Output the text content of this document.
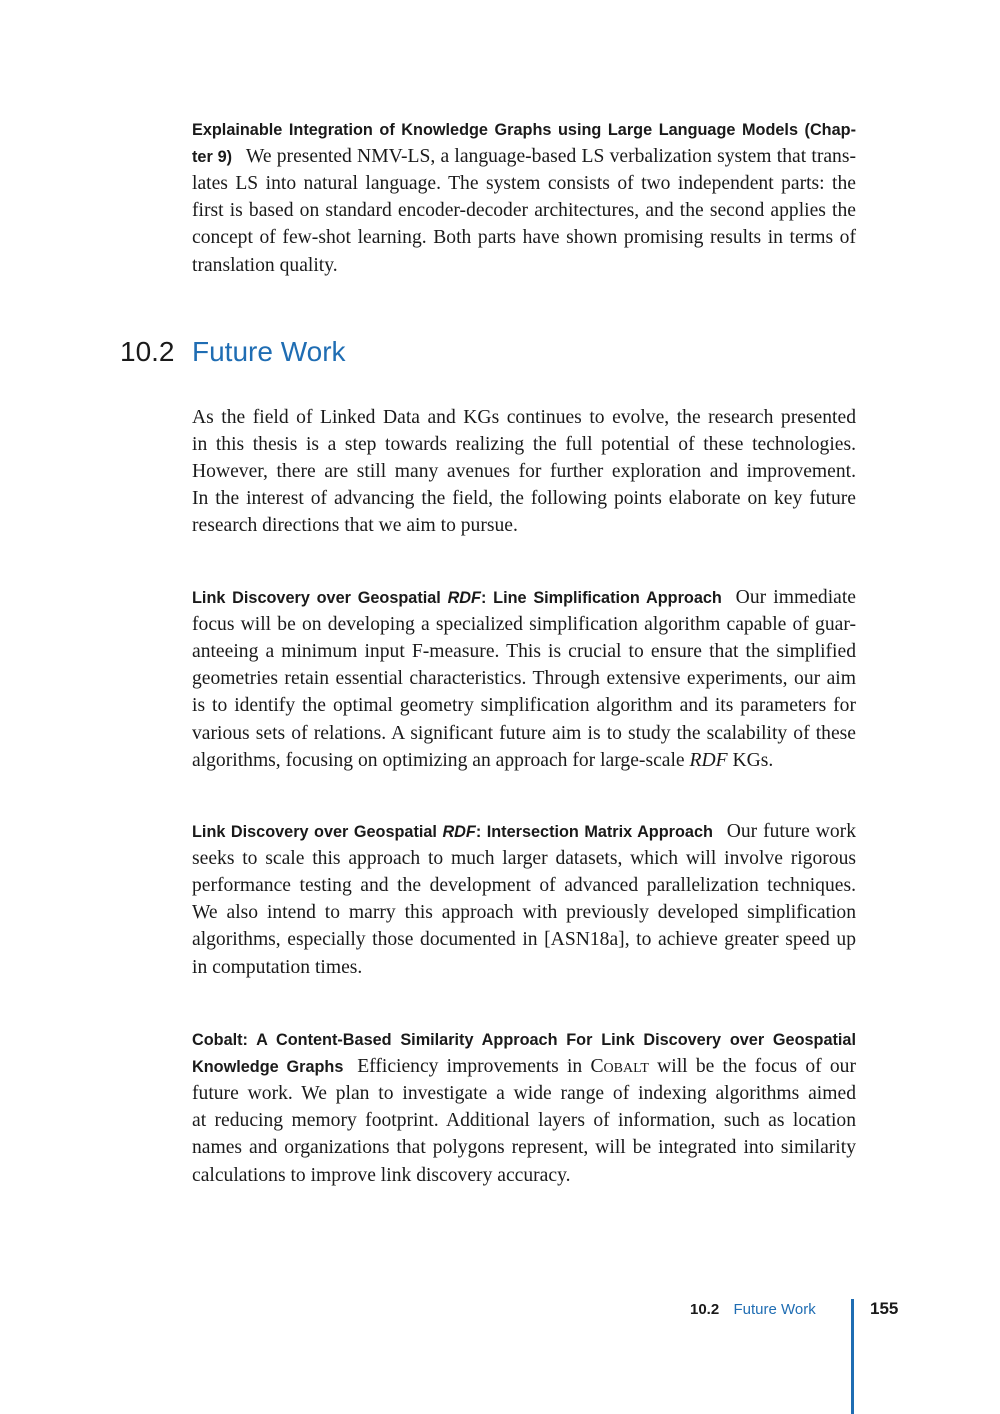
Explainable Integration of Knowledge Graphs using Large Language Models (Chap-
ter 9) We presented NMV-LS, a language-based LS verbalization system that trans-
lates LS into natural language. The system consists of two independent parts: the
first is based on standard encoder-decoder architectures, and the second applies the
concept of few-shot learning. Both parts have shown promising results in terms of
translation quality.
10.2 Future Work
As the field of Linked Data and KGs continues to evolve, the research presented
in this thesis is a step towards realizing the full potential of these technologies.
However, there are still many avenues for further exploration and improvement.
In the interest of advancing the field, the following points elaborate on key future
research directions that we aim to pursue.
Link Discovery over Geospatial RDF: Line Simplification Approach Our immediate
focus will be on developing a specialized simplification algorithm capable of guar-
anteeing a minimum input F-measure. This is crucial to ensure that the simplified
geometries retain essential characteristics. Through extensive experiments, our aim
is to identify the optimal geometry simplification algorithm and its parameters for
various sets of relations. A significant future aim is to study the scalability of these
algorithms, focusing on optimizing an approach for large-scale RDF KGs.
Link Discovery over Geospatial RDF: Intersection Matrix Approach Our future work
seeks to scale this approach to much larger datasets, which will involve rigorous
performance testing and the development of advanced parallelization techniques.
We also intend to marry this approach with previously developed simplification
algorithms, especially those documented in [ASN18a], to achieve greater speed up
in computation times.
Cobalt: A Content-Based Similarity Approach For Link Discovery over Geospatial
Knowledge Graphs Efficiency improvements in Cobalt will be the focus of our
future work. We plan to investigate a wide range of indexing algorithms aimed
at reducing memory footprint. Additional layers of information, such as location
names and organizations that polygons represent, will be integrated into similarity
calculations to improve link discovery accuracy.
10.2 Future Work	155
